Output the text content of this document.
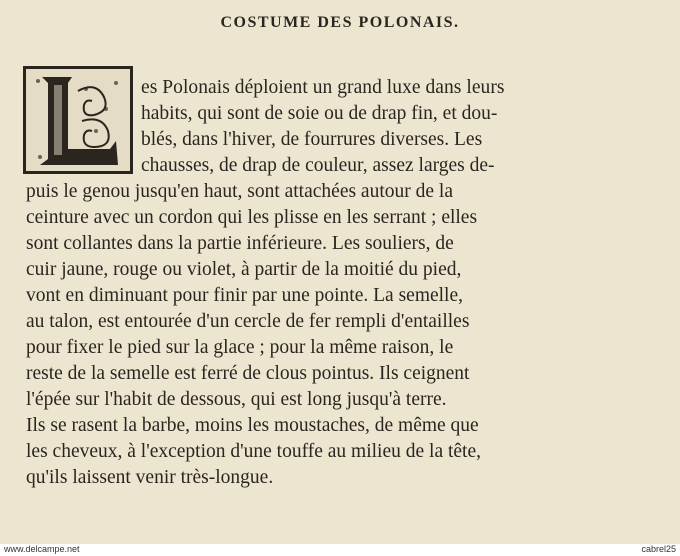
COSTUME DES POLONAIS.
es Polonais déploient un grand luxe dans leurs
habits, qui sont de soie ou de drap fin, et dou-
blés, dans l'hiver, de fourrures diverses. Les
chausses, de drap de couleur, assez larges de-
puis le genou jusqu'en haut, sont attachées autour de la
ceinture avec un cordon qui les plisse en les serrant ; elles
sont collantes dans la partie inférieure. Les souliers, de
cuir jaune, rouge ou violet, à partir de la moitié du pied,
vont en diminuant pour finir par une pointe. La semelle,
au talon, est entourée d'un cercle de fer rempli d'entailles
pour fixer le pied sur la glace ; pour la même raison, le
reste de la semelle est ferré de clous pointus. Ils ceignent
l'épée sur l'habit de dessous, qui est long jusqu'à terre.
Ils se rasent la barbe, moins les moustaches, de même que
les cheveux, à l'exception d'une touffe au milieu de la tête,
qu'ils laissent venir très-longue.
www.delcampe.net	cabrel25
